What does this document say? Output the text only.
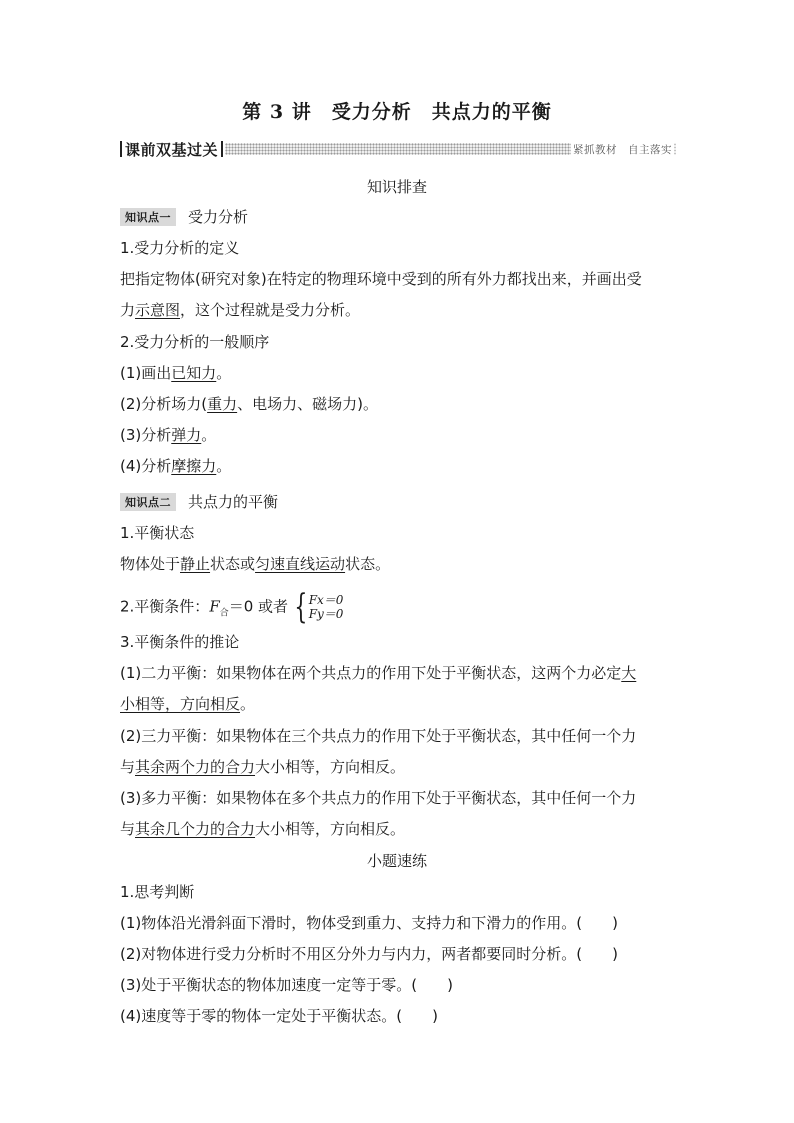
第 3 讲　受力分析　共点力的平衡
课前双基过关	紧抓教材　自主落实
知识排查
知识点一	受力分析
1.受力分析的定义
把指定物体(研究对象)在特定的物理环境中受到的所有外力都找出来，并画出受
力示意图，这个过程就是受力分析。
2.受力分析的一般顺序
(1)画出已知力。
(2)分析场力(重力、电场力、磁场力)。
(3)分析弹力。
(4)分析摩擦力。
知识点二	共点力的平衡
1.平衡状态
物体处于静止状态或匀速直线运动状态。
2.平衡条件：$F_合=0$ 或者 { Fx＝0
Fy＝0
3.平衡条件的推论
(1)二力平衡：如果物体在两个共点力的作用下处于平衡状态，这两个力必定大
小相等，方向相反。
(2)三力平衡：如果物体在三个共点力的作用下处于平衡状态，其中任何一个力
与其余两个力的合力大小相等，方向相反。
(3)多力平衡：如果物体在多个共点力的作用下处于平衡状态，其中任何一个力
与其余几个力的合力大小相等，方向相反。
小题速练
1.思考判断
(1)物体沿光滑斜面下滑时，物体受到重力、支持力和下滑力的作用。( )
(2)对物体进行受力分析时不用区分外力与内力，两者都要同时分析。( )
(3)处于平衡状态的物体加速度一定等于零。( )
(4)速度等于零的物体一定处于平衡状态。( )
